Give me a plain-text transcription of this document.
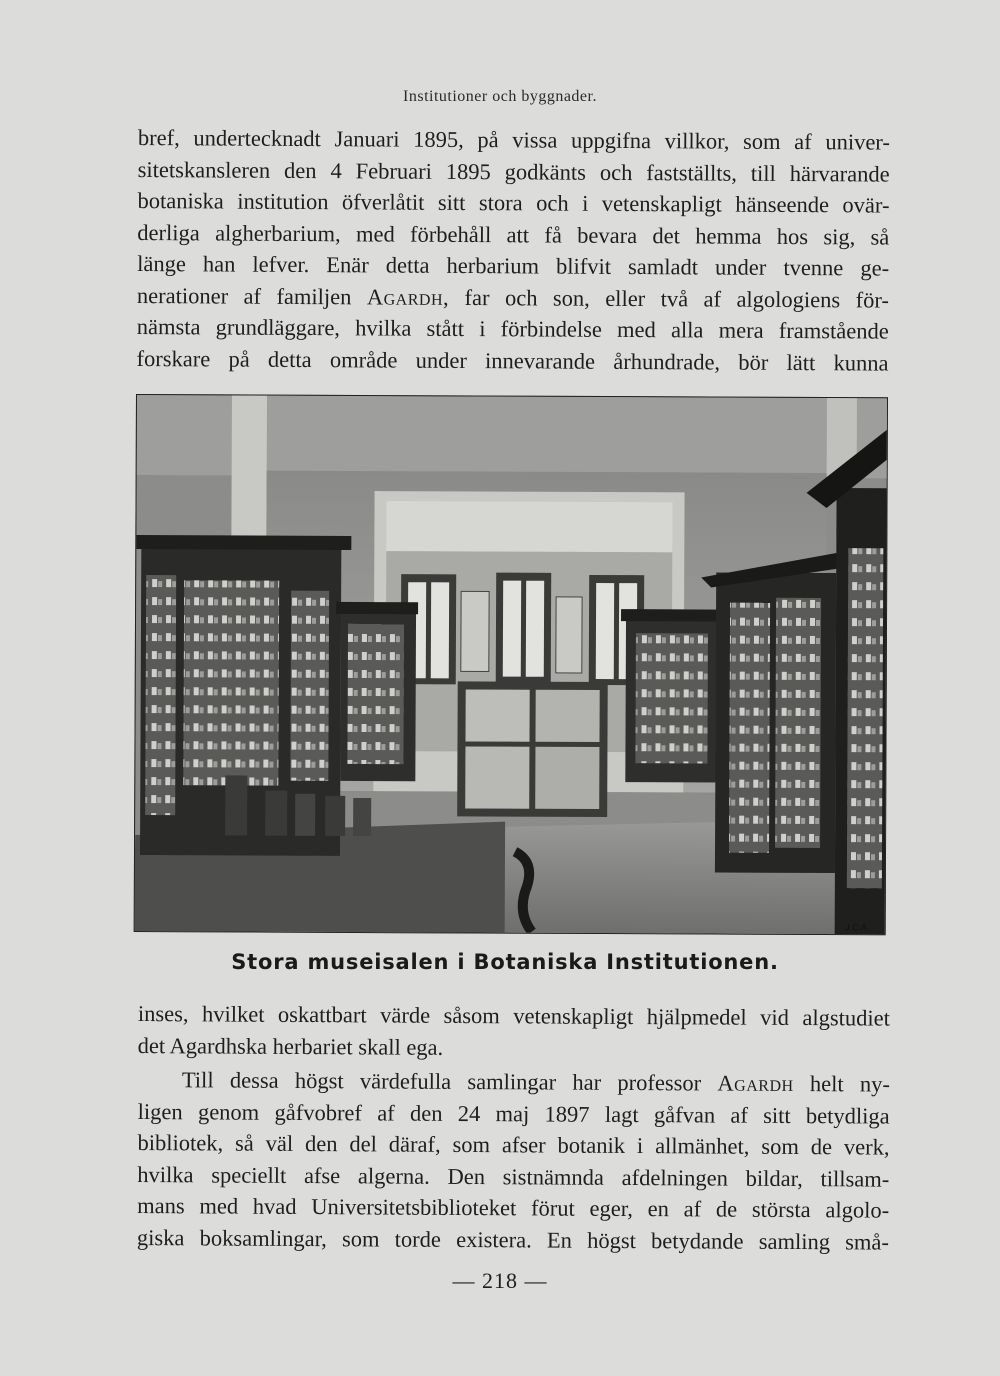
Institutioner och byggnader.
bref, undertecknadt Januari 1895, på vissa uppgifna villkor, som af univer-
sitetskansleren den 4 Februari 1895 godkänts och fastställts, till härvarande
botaniska institution öfverlåtit sitt stora och i vetenskapligt hänseende ovär-
derliga algherbarium, med förbehåll att få bevara det hemma hos sig, så
länge han lefver. Enär detta herbarium blifvit samladt under tvenne ge-
nerationer af familjen Agardh, far och son, eller två af algologiens för-
nämsta grundläggare, hvilka stått i förbindelse med alla mera framstående
forskare på detta område under innevarande århundrade, bör lätt kunna
J.C.A.
Stora museisalen i Botaniska Institutionen.
inses, hvilket oskattbart värde såsom vetenskapligt hjälpmedel vid algstudiet
det Agardhska herbariet skall ega.
Till dessa högst värdefulla samlingar har professor Agardh helt ny-
ligen genom gåfvobref af den 24 maj 1897 lagt gåfvan af sitt betydliga
bibliotek, så väl den del däraf, som afser botanik i allmänhet, som de verk,
hvilka speciellt afse algerna. Den sistnämnda afdelningen bildar, tillsam-
mans med hvad Universitetsbiblioteket förut eger, en af de största algolo-
giska boksamlingar, som torde existera. En högst betydande samling små-
— 218 —
